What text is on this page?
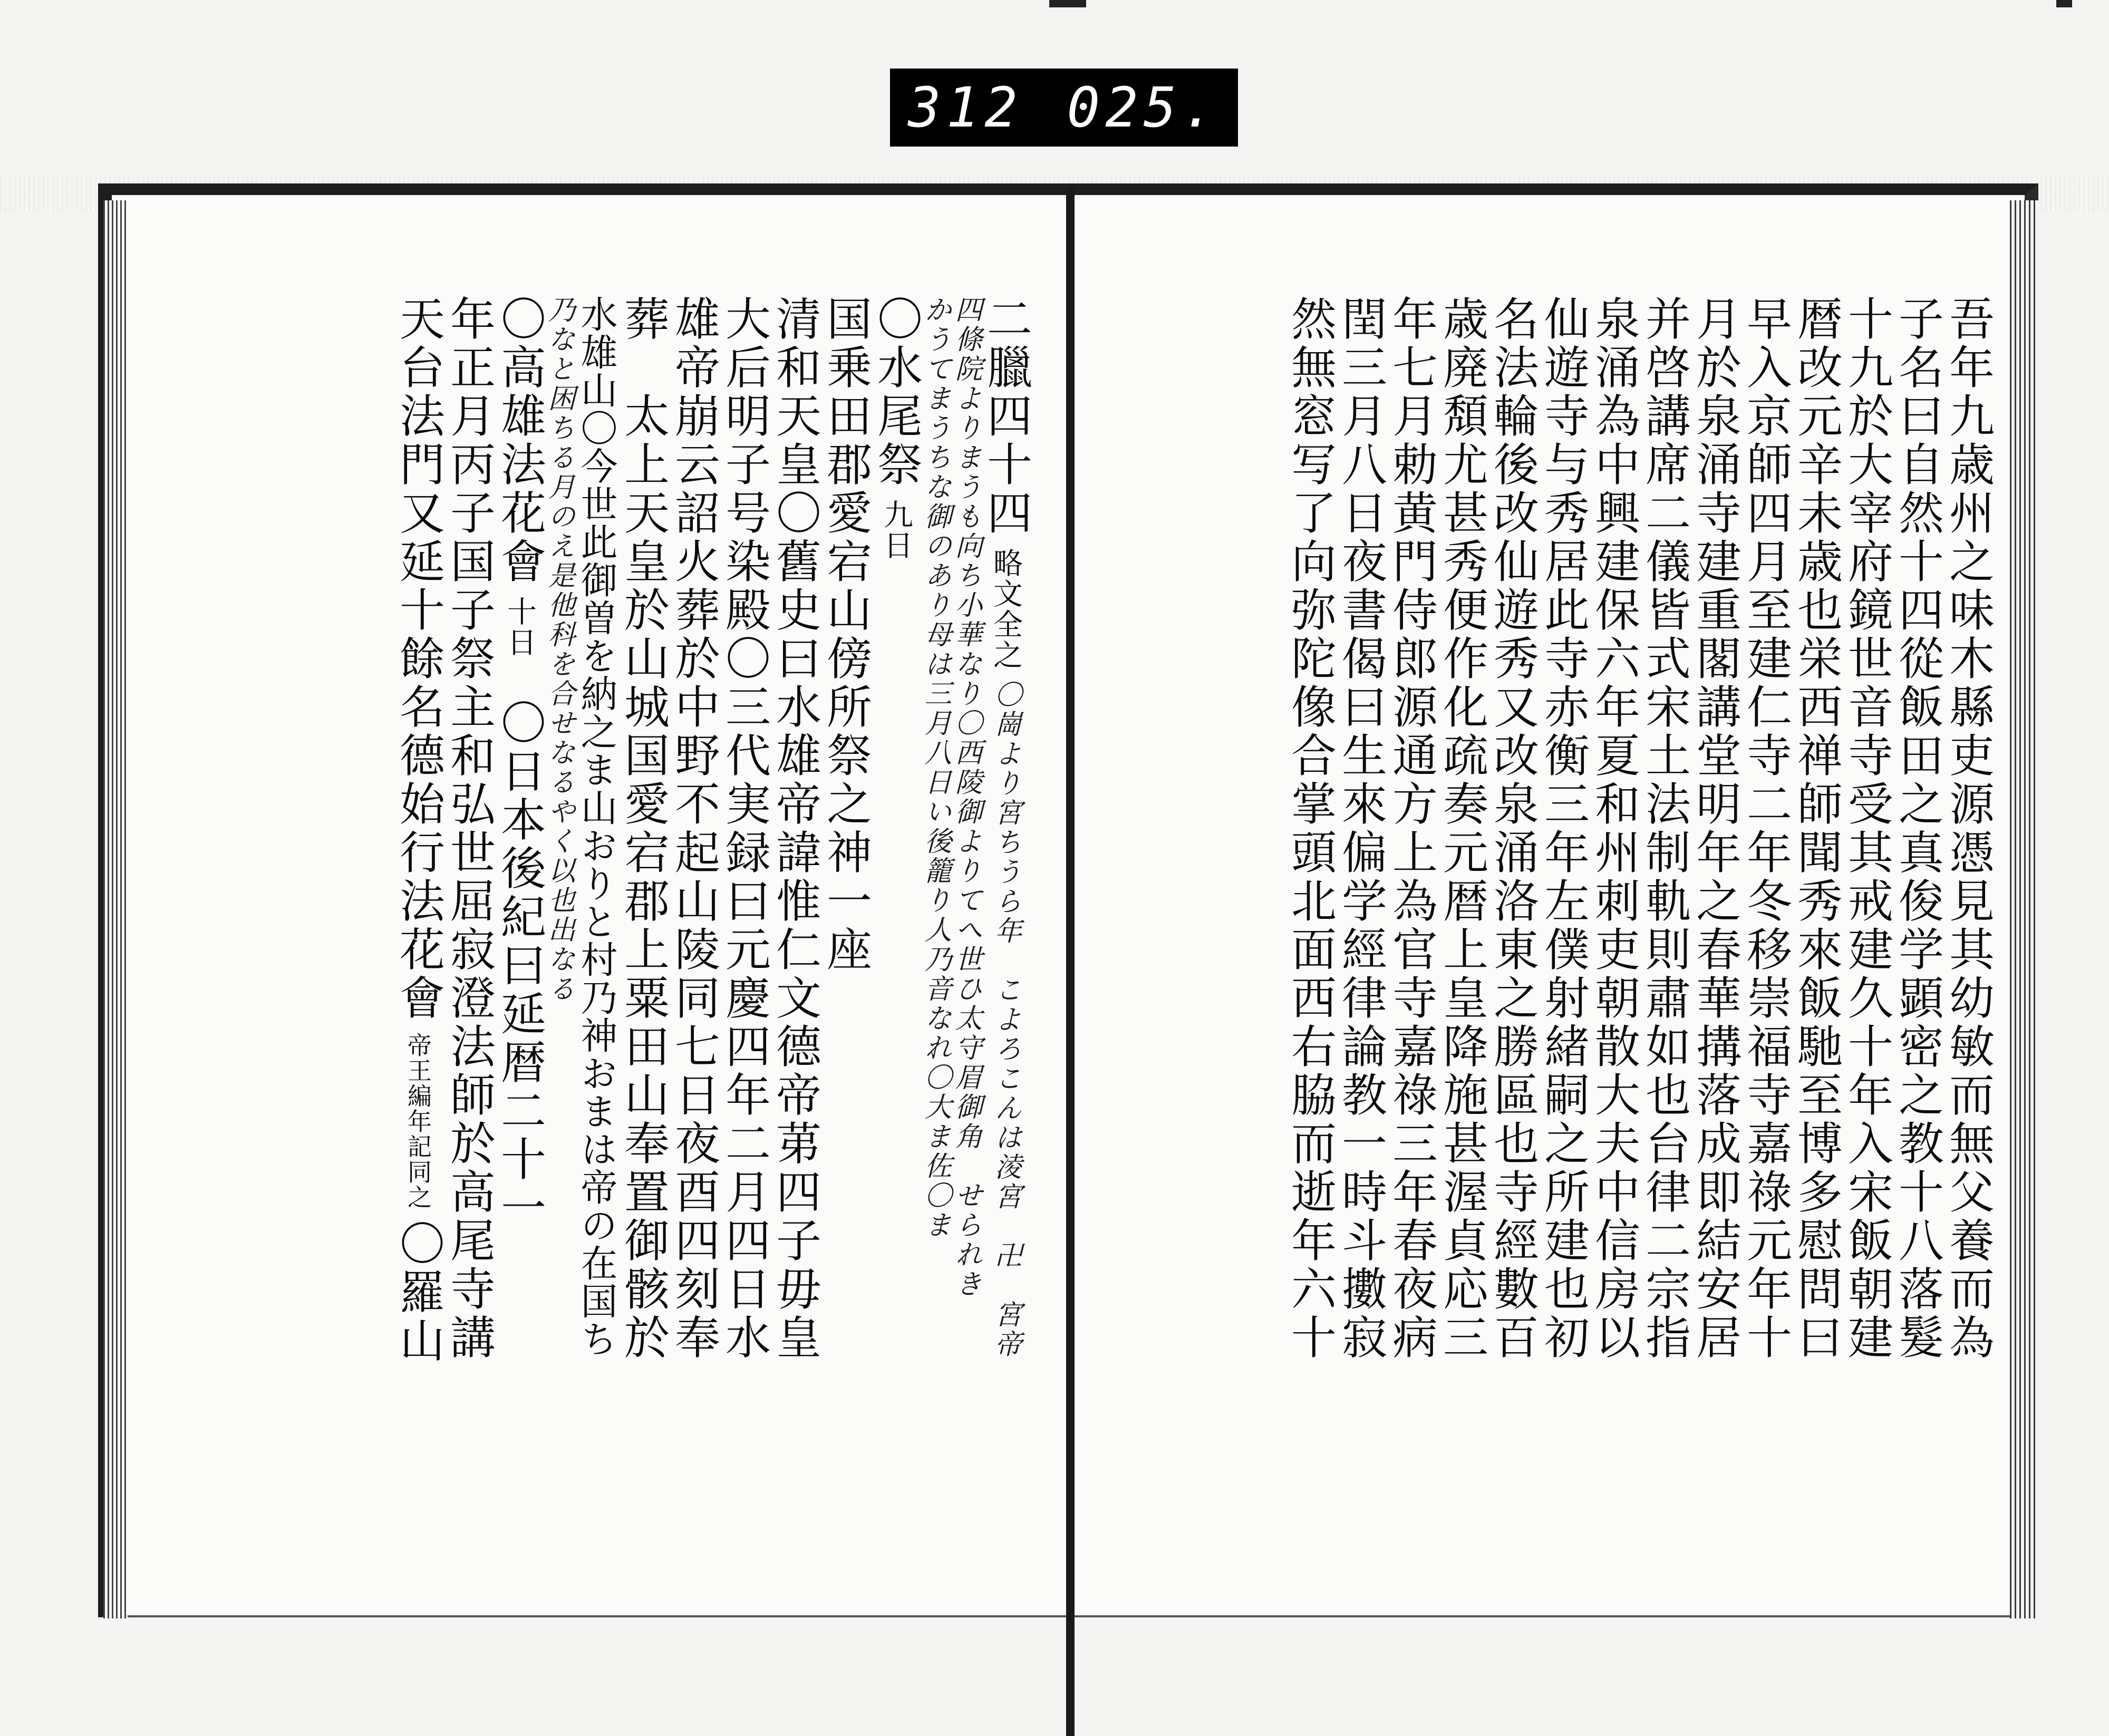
312 025.
吾年九歳州之味木縣吏源憑見其幼敏而無父養而為
子名曰自然十四從飯田之真俊学顕密之教十八落髮
十九於大宰府鏡世音寺受其戒建久十年入宋飯朝建
暦改元辛未歳也栄西禅師聞秀來飯馳至博多慰問曰
早入京師四月至建仁寺二年冬移崇福寺嘉祿元年十
月於泉涌寺建重閣講堂明年之春華搆落成即結安居
并啓講席二儀皆式宋土法制軌則肅如也台律二宗指
泉涌為中興建保六年夏和州刺吏朝散大夫中信房以
仙遊寺与秀居此寺赤衡三年左僕射緒嗣之所建也初
名法輪後改仙遊秀又改泉涌洛東之勝區也寺經數百
歳廃頽尤甚秀便作化疏奏元暦上皇降施甚渥貞応三
年七月勅黄門侍郎源通方上為官寺嘉祿三年春夜病
閏三月八日夜書偈曰生來偏学經律論教一時斗擻寂
然無窓写了向弥陀像合掌頭北面西右脇而逝年六十
二臘四十四 略文全之 〇崗より宮ちうら年　こよろこんは淩宮　卍　宮帝
四條院よりまうも向ち小華なり〇西陵御よりてへ世ひ太守眉御角　せられき
かうてまうちな御のあり母は三月八日い後籠り人乃音なれ〇大ま佐〇ま
〇水尾祭 九日
国乗田郡愛宕山傍所祭之神一座
清和天皇〇舊史曰水雄帝諱惟仁文德帝苐四子毋皇
大后明子号染殿〇三代実録曰元慶四年二月四日水
雄帝崩云詔火葬於中野不起山陵同七日夜酉四刻奉
葬　太上天皇於山城国愛宕郡上粟田山奉置御骸於
水雄山〇今世此御曽を納之ま山おりと村乃神おまは帝の在国ち
乃なと困ちる月のえ是他科を合せなるやく以也出なる
〇高雄法花會 十日 〇日本後紀曰延暦二十一
年正月丙子国子祭主和弘世屈寂澄法師於高尾寺講
天台法門又延十餘名德始行法花會 帝王編年記同之 〇羅山
